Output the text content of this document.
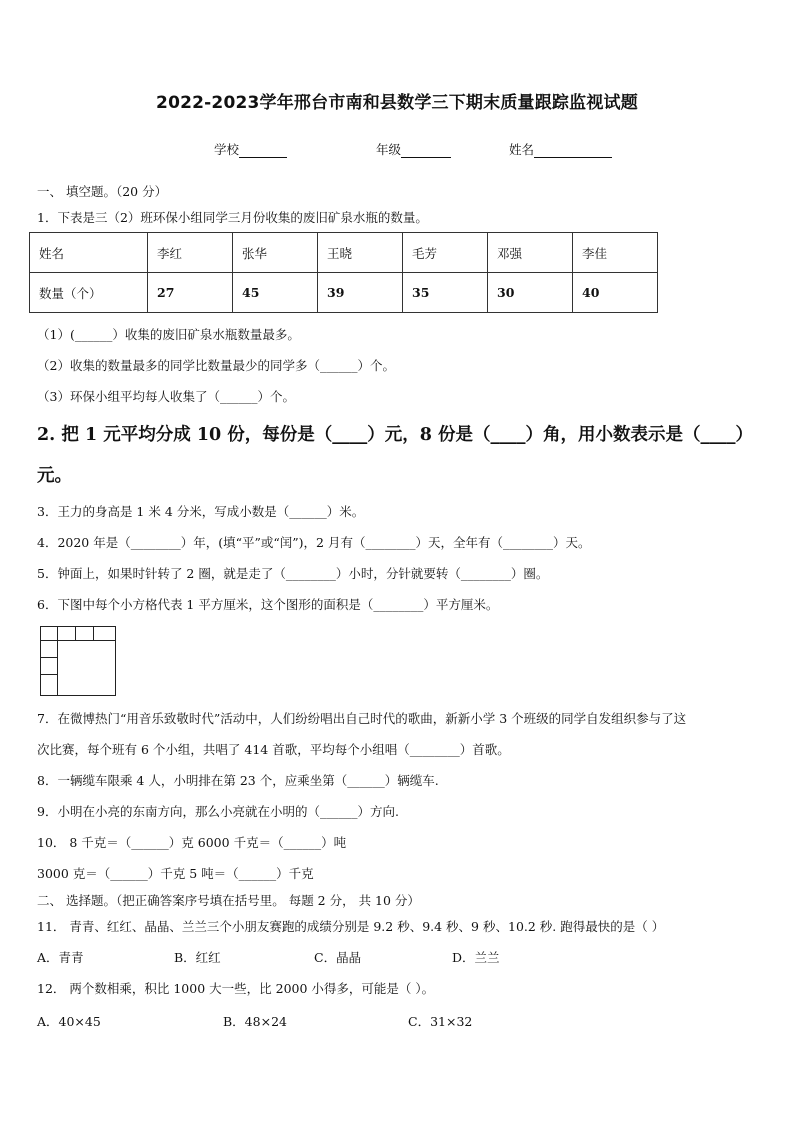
2022-2023学年邢台市南和县数学三下期末质量跟踪监视试题
学校	年级	姓名
一、 填空题。（20 分）
1．下表是三（2）班环保小组同学三月份收集的废旧矿泉水瓶的数量。
姓名	李红	张华	王晓	毛芳	邓强	李佳
数量（个）	27	45	39	35	30	40
（1）(______）收集的废旧矿泉水瓶数量最多。
（2）收集的数量最多的同学比数量最少的同学多（______）个。
（3）环保小组平均每人收集了（______）个。
2. 把 1 元平均分成 10 份，每份是（____）元，8 份是（____）角，用小数表示是（____）
元。
3．王力的身高是 1 米 4 分米，写成小数是（______）米。
4．2020 年是（________）年，(填“平”或“闰”)，2 月有（________）天，全年有（________）天。
5．钟面上，如果时针转了 2 圈，就是走了（________）小时，分针就要转（________）圈。
6．下图中每个小方格代表 1 平方厘米，这个图形的面积是（________）平方厘米。
7．在微博热门“用音乐致敬时代”活动中，人们纷纷唱出自己时代的歌曲，新新小学 3 个班级的同学自发组织参与了这
次比赛，每个班有 6 个小组，共唱了 414 首歌，平均每个小组唱（________）首歌。
8．一辆缆车限乘 4 人，小明排在第 23 个，应乘坐第（______）辆缆车.
9．小明在小亮的东南方向，那么小亮就在小明的（______）方向.
10． 8 千克＝（______）克 6000 千克＝（______）吨
3000 克＝（______）千克 5 吨＝（______）千克
二、 选择题。（把正确答案序号填在括号里。 每题 2 分， 共 10 分）
11． 青青、红红、晶晶、兰兰三个小朋友赛跑的成绩分别是 9.2 秒、9.4 秒、9 秒、10.2 秒. 跑得最快的是（ ）
A．青青	B．红红	C．晶晶	D．兰兰
12． 两个数相乘，积比 1000 大一些，比 2000 小得多，可能是（ ）。
A．40×45	B．48×24	C．31×32
